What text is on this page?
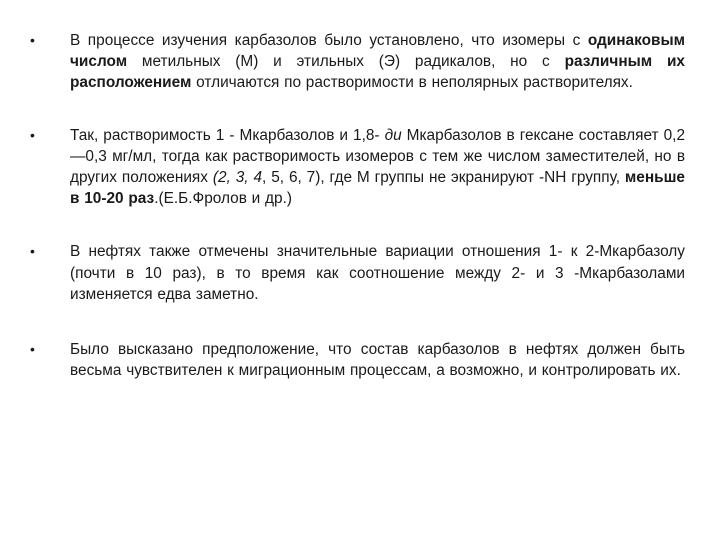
•	В процессе изучения карбазолов было установлено, что изомеры с одинаковым числом метильных (М) и этильных (Э) радикалов, но с различным их расположением отличаются по растворимости в неполярных растворителях.
•	Так, растворимость 1 - Мкарбазолов и 1,8- ди Мкарбазолов в гексане составляет 0,2—0,3 мг/мл, тогда как растворимость изомеров с тем же числом заместителей, но в других положениях (2, 3, 4, 5, 6, 7), где М группы не экранируют -NH группу, меньше в 10-20 раз.(Е.Б.Фролов и др.)
•	В нефтях также отмечены значительные вариации отношения 1- к 2-Мкарбазолу (почти в 10 раз), в то время как соотношение между 2- и 3 -Мкарбазолами изменяется едва заметно.
•	Было высказано предположение, что состав карбазолов в нефтях должен быть весьма чувствителен к миграционным процессам, а возможно, и контролировать их.
